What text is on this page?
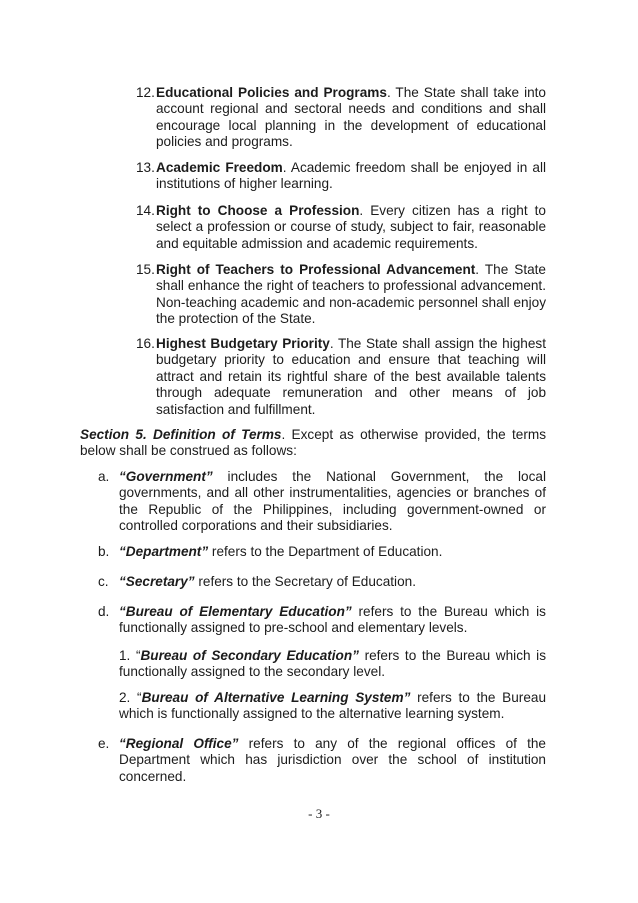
12. Educational Policies and Programs. The State shall take into account regional and sectoral needs and conditions and shall encourage local planning in the development of educational policies and programs.

13. Academic Freedom. Academic freedom shall be enjoyed in all institutions of higher learning.

14. Right to Choose a Profession. Every citizen has a right to select a profession or course of study, subject to fair, reasonable and equitable admission and academic requirements.

15. Right of Teachers to Professional Advancement. The State shall enhance the right of teachers to professional advancement. Non-teaching academic and non-academic personnel shall enjoy the protection of the State.

16. Highest Budgetary Priority. The State shall assign the highest budgetary priority to education and ensure that teaching will attract and retain its rightful share of the best available talents through adequate remuneration and other means of job satisfaction and fulfillment.

Section 5. Definition of Terms. Except as otherwise provided, the terms below shall be construed as follows:

a. “Government” includes the National Government, the local governments, and all other instrumentalities, agencies or branches of the Republic of the Philippines, including government-owned or controlled corporations and their subsidiaries.

b. “Department” refers to the Department of Education.

c. “Secretary” refers to the Secretary of Education.

d. “Bureau of Elementary Education” refers to the Bureau which is functionally assigned to pre-school and elementary levels.

1. “Bureau of Secondary Education” refers to the Bureau which is functionally assigned to the secondary level.

2. “Bureau of Alternative Learning System” refers to the Bureau which is functionally assigned to the alternative learning system.

e. “Regional Office” refers to any of the regional offices of the Department which has jurisdiction over the school of institution concerned.

- 3 -
